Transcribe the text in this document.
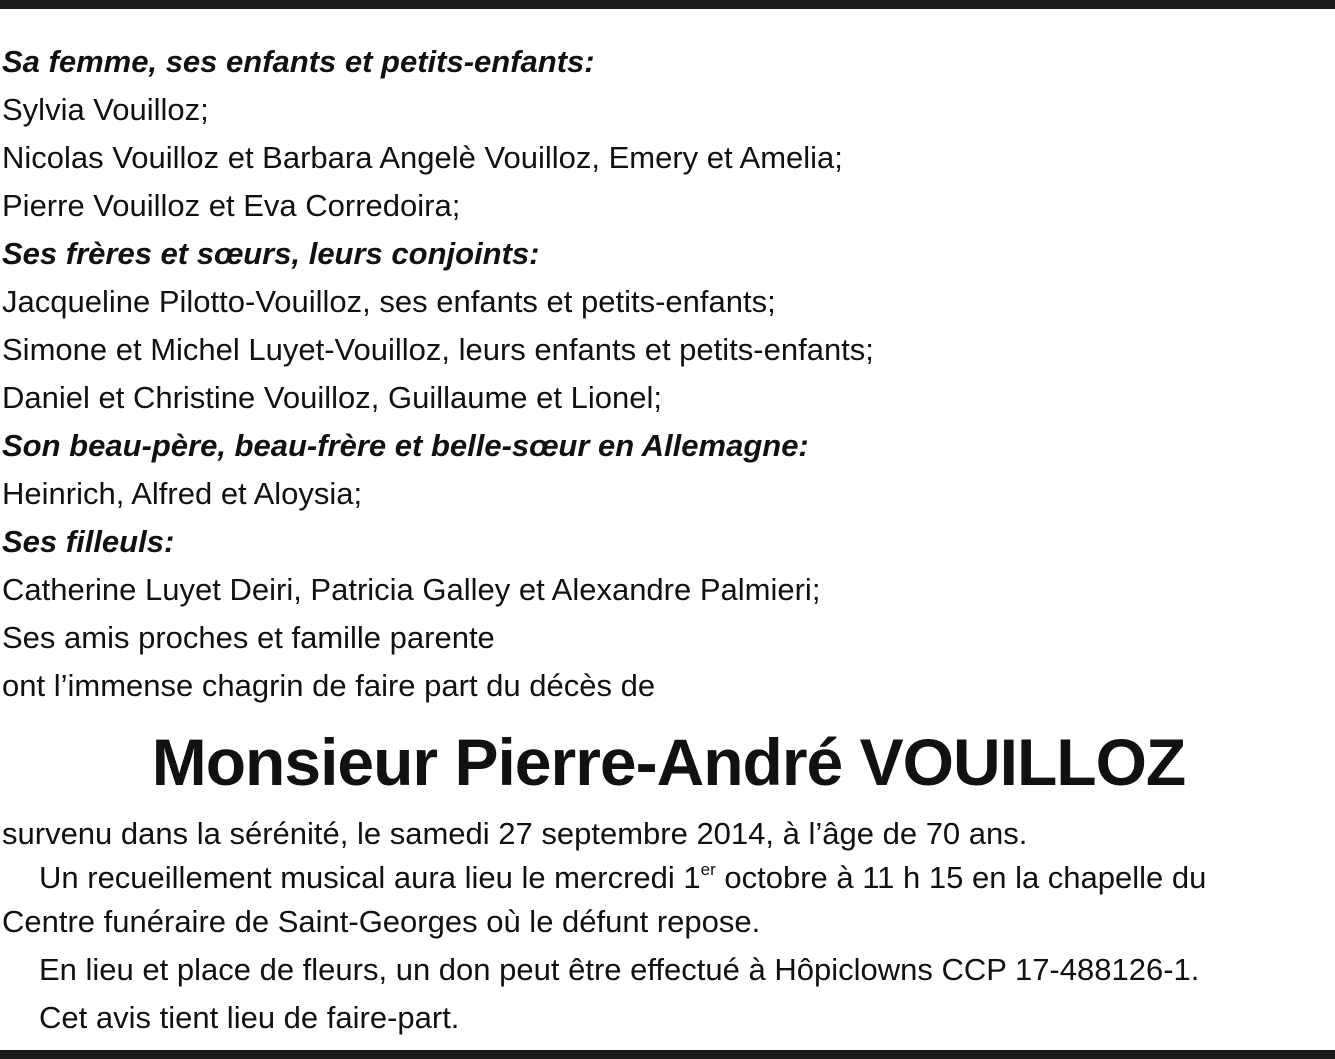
Sa femme, ses enfants et petits-enfants:
Sylvia Vouilloz;
Nicolas Vouilloz et Barbara Angelè Vouilloz, Emery et Amelia;
Pierre Vouilloz et Eva Corredoira;
Ses frères et sœurs, leurs conjoints:
Jacqueline Pilotto-Vouilloz, ses enfants et petits-enfants;
Simone et Michel Luyet-Vouilloz, leurs enfants et petits-enfants;
Daniel et Christine Vouilloz, Guillaume et Lionel;
Son beau-père, beau-frère et belle-sœur en Allemagne:
Heinrich, Alfred et Aloysia;
Ses filleuls:
Catherine Luyet Deiri, Patricia Galley et Alexandre Palmieri;
Ses amis proches et famille parente
ont l’immense chagrin de faire part du décès de
Monsieur Pierre-André VOUILLOZ
survenu dans la sérénité, le samedi 27 septembre 2014, à l’âge de 70 ans.
Un recueillement musical aura lieu le mercredi 1er octobre à 11 h 15 en la chapelle du
Centre funéraire de Saint-Georges où le défunt repose.
En lieu et place de fleurs, un don peut être effectué à Hôpiclowns CCP 17-488126-1.
Cet avis tient lieu de faire-part.
